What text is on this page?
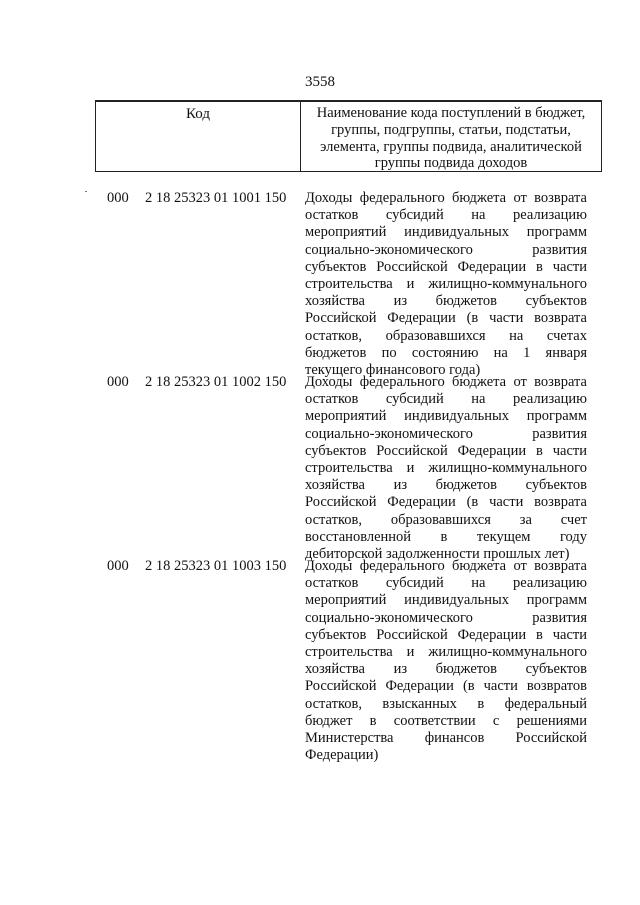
3558
Код	Наименование кода поступлений в бюджет, группы, подгруппы, статьи, подстатьи, элемента, группы подвида, аналитической группы подвида доходов
000 2 18 25323 01 1001 150 Доходы федерального бюджета от возврата остатков субсидий на реализацию мероприятий индивидуальных программ социально-экономического развития субъектов Российской Федерации в части строительства и жилищно-коммунального хозяйства из бюджетов субъектов Российской Федерации (в части возврата остатков, образовавшихся на счетах бюджетов по состоянию на 1 января текущего финансового года)
000 2 18 25323 01 1002 150 Доходы федерального бюджета от возврата остатков субсидий на реализацию мероприятий индивидуальных программ социально-экономического развития субъектов Российской Федерации в части строительства и жилищно-коммунального хозяйства из бюджетов субъектов Российской Федерации (в части возврата остатков, образовавшихся за счет восстановленной в текущем году дебиторской задолженности прошлых лет)
000 2 18 25323 01 1003 150 Доходы федерального бюджета от возврата остатков субсидий на реализацию мероприятий индивидуальных программ социально-экономического развития субъектов Российской Федерации в части строительства и жилищно-коммунального хозяйства из бюджетов субъектов Российской Федерации (в части возвратов остатков, взысканных в федеральный бюджет в соответствии с решениями Министерства финансов Российской Федерации)
